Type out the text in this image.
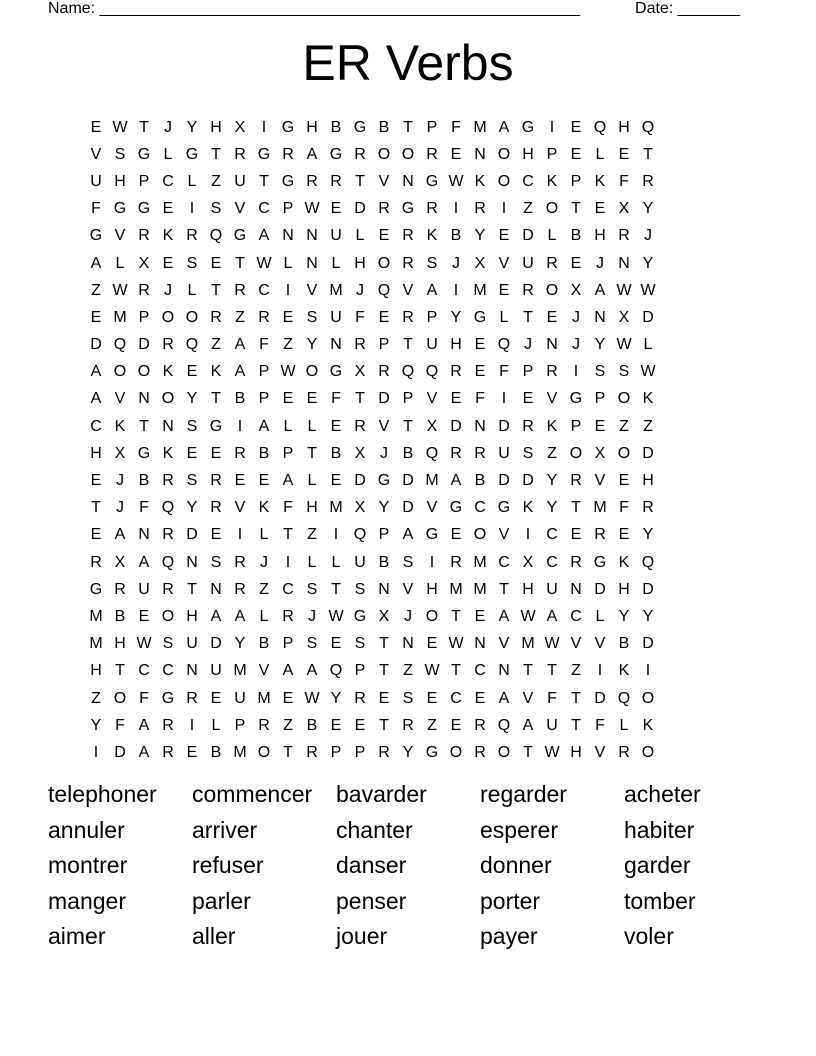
Name: ______________________________________________________	Date: _______
ER Verbs
E W T J Y H X	I G H B G B T P F M A G I	E Q H Q
V S G L G T R G R A G R O O R E N O H P E L E T
U H P C L Z U T G R R T V N G W K O C K P K F R
F G G E	I	S V C P W E D R G R I	R I	Z O T E X Y
G V R K R Q G A N N U L E R K B Y E D L B H R J
A L X E S E T W L N L H O R S J X V U R E J N Y
Z W R J L T R C I	V M J Q V A	I M E R O X A W W
E M P O O R Z R E S U F E R P Y G L T E J N X D
D Q D R Q Z A F Z Y N R P T U H E Q J N J Y W L
A O O K E K A P W O G X R Q Q R E F P R I	S S W
A V N O Y T B P E E F T D P V E F	I	E V G P O K
C K T N S G I	A L L E R V T X D N D R K P E Z Z
H X G K E E R B P T B X J B Q R R U S Z O X O D
E J B R S R E E A L E D G D M A B D D Y R V E H
T J F Q Y R V K F H M X Y D V G C G K Y T M F R
E A N R D E	I	L T Z	I Q P A G E O V	I	C E R E Y
R X A Q N S R J	I	L L U B S	I	R M C X C R G K Q
G R U R T N R Z C S T S N V H M M T H U N D H D
M B E O H A A L R J W G X J O T E A W A C L Y Y
M H W S U D Y B P S E S T N E W N V M W V V B D
H T C C N U M V A A Q P T Z W T C N T T Z	I	K	I
Z O F G R E U M E W Y R E S E C E A V F T D Q O
Y F A R I	L P R Z B E E T R Z E R Q A U T F L K
I	D A R E B M O T R P P R Y G O R O T W H V R O
telephoner	commencer	bavarder	regarder	acheter
annuler	arriver	chanter	esperer	habiter
montrer	refuser	danser	donner	garder
manger	parler	penser	porter	tomber
aimer	aller	jouer	payer	voler
